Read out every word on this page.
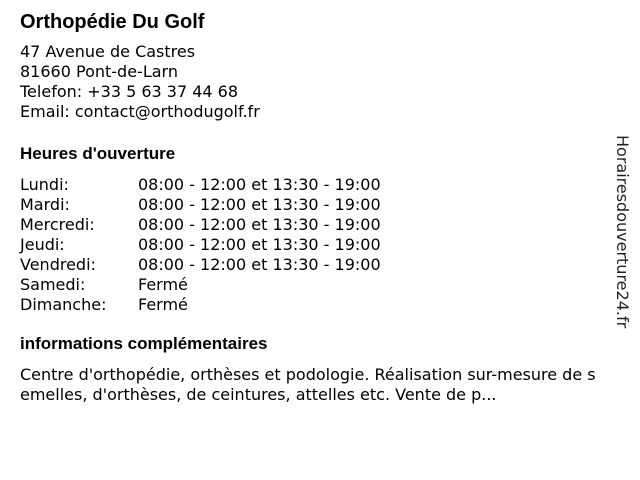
Orthopédie Du Golf
47 Avenue de Castres
81660 Pont-de-Larn
Telefon: +33 5 63 37 44 68
Email: contact@orthodugolf.fr
Heures d'ouverture
Lundi:	08:00 - 12:00 et 13:30 - 19:00
Mardi:	08:00 - 12:00 et 13:30 - 19:00
Mercredi:	08:00 - 12:00 et 13:30 - 19:00
Jeudi:	08:00 - 12:00 et 13:30 - 19:00
Vendredi:	08:00 - 12:00 et 13:30 - 19:00
Samedi:	Fermé
Dimanche:	Fermé
informations complémentaires
Centre d'orthopédie, orthèses et podologie. Réalisation sur-mesure de semelles, d'orthèses, de ceintures, attelles etc. Vente de p...
Horairesdouverture24.fr
